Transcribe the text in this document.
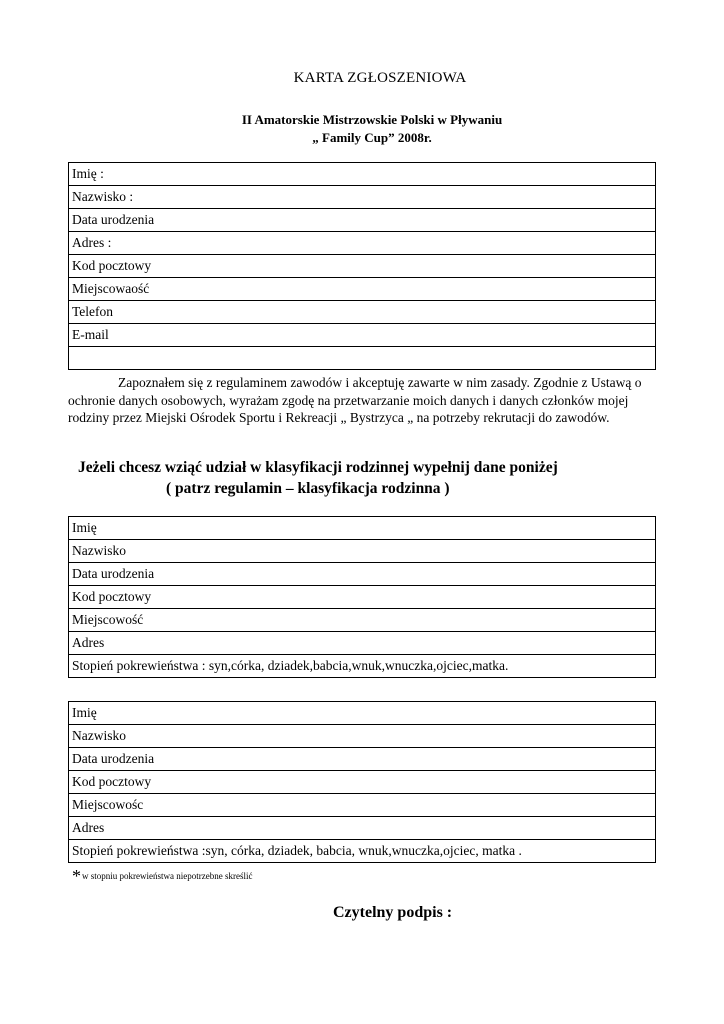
KARTA ZGŁOSZENIOWA
II Amatorskie Mistrzowskie Polski w Pływaniu
„ Family Cup” 2008r.
Imię :
Nazwisko :
Data urodzenia
Adres :
Kod pocztowy
Miejscowaość
Telefon
E-mail

Zapoznałem się z regulaminem zawodów i akceptuję zawarte w nim zasady. Zgodnie z Ustawą o ochronie danych osobowych, wyrażam zgodę na przetwarzanie moich danych i danych członków mojej rodziny przez Miejski Ośrodek Sportu i Rekreacji „ Bystrzyca „ na potrzeby rekrutacji do zawodów.

Jeżeli chcesz wziąć udział w klasyfikacji rodzinnej wypełnij dane poniżej
( patrz regulamin – klasyfikacja rodzinna )
Imię
Nazwisko
Data urodzenia
Kod pocztowy
Miejscowość
Adres
Stopień pokrewieństwa : syn,córka, dziadek,babcia,wnuk,wnuczka,ojciec,matka.
Imię
Nazwisko
Data urodzenia
Kod pocztowy
Miejscowośc
Adres
Stopień pokrewieństwa :syn, córka, dziadek, babcia, wnuk,wnuczka,ojciec, matka .
*w stopniu pokrewieństwa niepotrzebne skreślić
Czytelny podpis :
